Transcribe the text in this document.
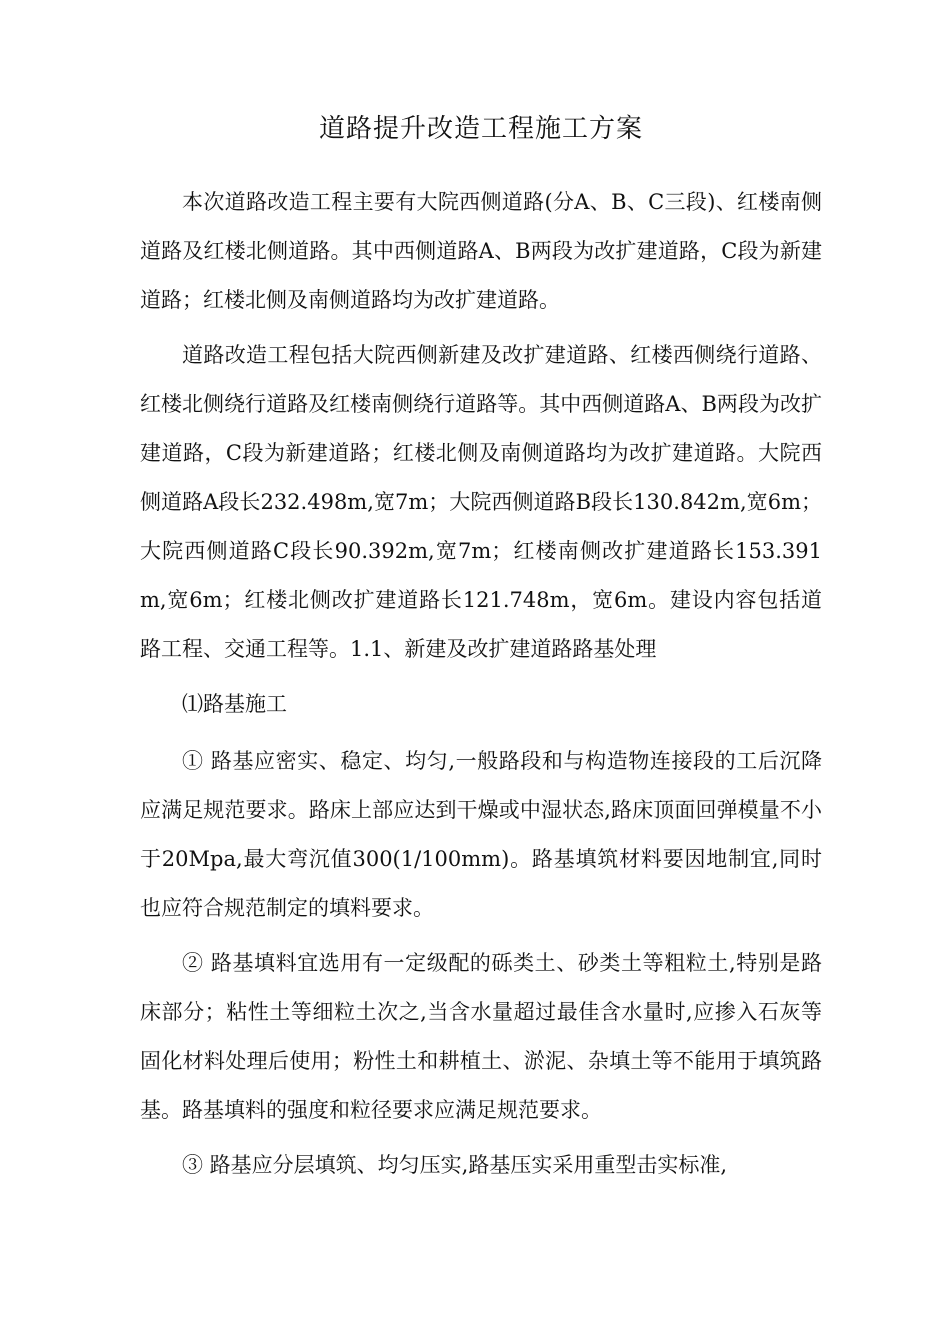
道路提升改造工程施工方案

本次道路改造工程主要有大院西侧道路(分A、B、C三段)、红楼南侧道路及红楼北侧道路。其中西侧道路A、B两段为改扩建道路，C段为新建道路；红楼北侧及南侧道路均为改扩建道路。

道路改造工程包括大院西侧新建及改扩建道路、红楼西侧绕行道路、红楼北侧绕行道路及红楼南侧绕行道路等。其中西侧道路A、B两段为改扩建道路，C段为新建道路；红楼北侧及南侧道路均为改扩建道路。大院西侧道路A段长232.498m,宽7m；大院西侧道路B段长130.842m,宽6m；大院西侧道路C段长90.392m,宽7m；红楼南侧改扩建道路长153.391m,宽6m；红楼北侧改扩建道路长121.748m，宽6m。建设内容包括道路工程、交通工程等。1.1、新建及改扩建道路路基处理

⑴路基施工

① 路基应密实、稳定、均匀,一般路段和与构造物连接段的工后沉降应满足规范要求。路床上部应达到干燥或中湿状态,路床顶面回弹模量不小于20Mpa,最大弯沉值300(1/100mm)。路基填筑材料要因地制宜,同时也应符合规范制定的填料要求。

② 路基填料宜选用有一定级配的砾类土、砂类土等粗粒土,特别是路床部分；粘性土等细粒土次之,当含水量超过最佳含水量时,应掺入石灰等固化材料处理后使用；粉性土和耕植土、淤泥、杂填土等不能用于填筑路基。路基填料的强度和粒径要求应满足规范要求。

③ 路基应分层填筑、均匀压实,路基压实采用重型击实标准,
